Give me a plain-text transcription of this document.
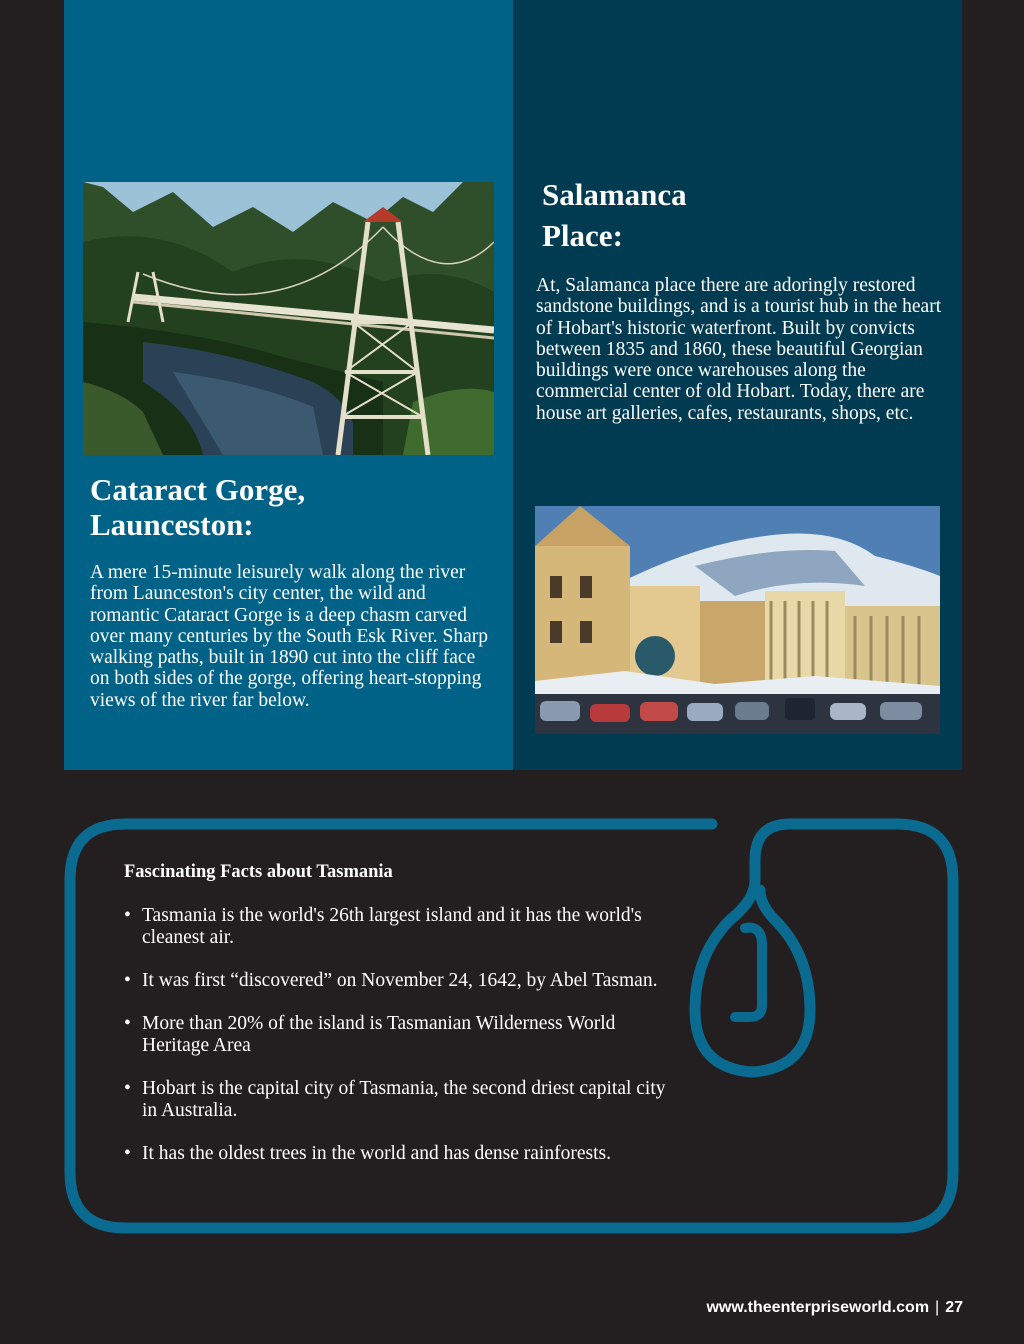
Salamanca
Place:

At, Salamanca place there are adoringly restored sandstone buildings, and is a tourist hub in the heart of Hobart's historic waterfront. Built by convicts between 1835 and 1860, these beautiful Georgian buildings were once warehouses along the commercial center of old Hobart. Today, there are house art galleries, cafes, restaurants, shops, etc.

Cataract Gorge,
Launceston:

A mere 15-minute leisurely walk along the river from Launceston's city center, the wild and romantic Cataract Gorge is a deep chasm carved over many centuries by the South Esk River. Sharp walking paths, built in 1890 cut into the cliff face on both sides of the gorge, offering heart-stopping views of the river far below.

Fascinating Facts about Tasmania
• Tasmania is the world's 26th largest island and it has the world's cleanest air.
• It was first “discovered” on November 24, 1642, by Abel Tasman.
• More than 20% of the island is Tasmanian Wilderness World Heritage Area
• Hobart is the capital city of Tasmania, the second driest capital city in Australia.
• It has the oldest trees in the world and has dense rainforests.
www.theenterpriseworld.com | 27
